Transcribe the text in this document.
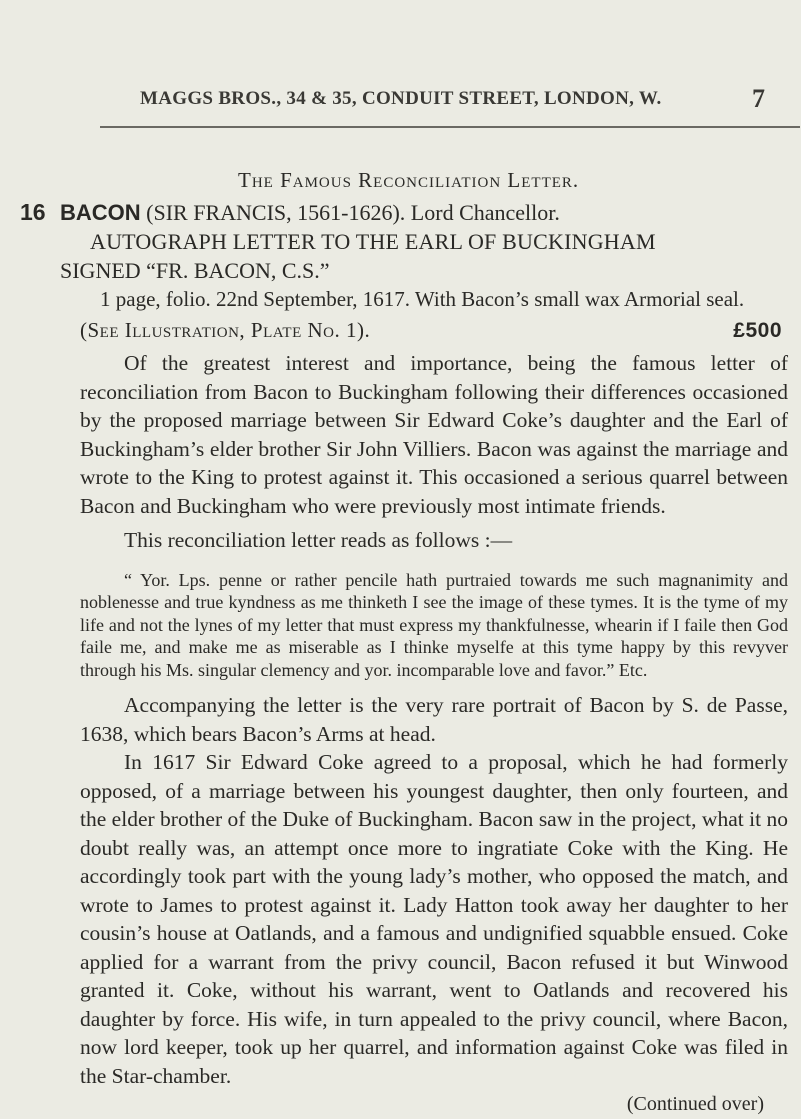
MAGGS BROS., 34 & 35, CONDUIT STREET, LONDON, W.	7
The Famous Reconciliation Letter.
16 BACON (SIR FRANCIS, 1561-1626). Lord Chancellor.
AUTOGRAPH LETTER TO THE EARL OF BUCKINGHAM
SIGNED “FR. BACON, C.S.”

1 page, folio. 22nd September, 1617. With Bacon’s small wax Armorial seal.

(See Illustration, Plate No. 1).	£500

Of the greatest interest and importance, being the famous letter of reconciliation from Bacon to Buckingham following their differences occasioned by the proposed marriage between Sir Edward Coke’s daughter and the Earl of Buckingham’s elder brother Sir John Villiers. Bacon was against the marriage and wrote to the King to protest against it. This occasioned a serious quarrel between Bacon and Buckingham who were previously most intimate friends.

This reconciliation letter reads as follows :—

“ Yor. Lps. penne or rather pencile hath purtraied towards me such magnanimity and noblenesse and true kyndness as me thinketh I see the image of these tymes. It is the tyme of my life and not the lynes of my letter that must express my thankfulnesse, whearin if I faile then God faile me, and make me as miserable as I thinke myselfe at this tyme happy by this revyver through his Ms. singular clemency and yor. incomparable love and favor.” Etc.

Accompanying the letter is the very rare portrait of Bacon by S. de Passe, 1638, which bears Bacon’s Arms at head.

In 1617 Sir Edward Coke agreed to a proposal, which he had formerly opposed, of a marriage between his youngest daughter, then only fourteen, and the elder brother of the Duke of Buckingham. Bacon saw in the project, what it no doubt really was, an attempt once more to ingratiate Coke with the King. He accordingly took part with the young lady’s mother, who opposed the match, and wrote to James to protest against it. Lady Hatton took away her daughter to her cousin’s house at Oatlands, and a famous and undignified squabble ensued. Coke applied for a warrant from the privy council, Bacon refused it but Winwood granted it. Coke, without his warrant, went to Oatlands and recovered his daughter by force. His wife, in turn appealed to the privy council, where Bacon, now lord keeper, took up her quarrel, and information against Coke was filed in the Star-chamber.

(Continued over)
